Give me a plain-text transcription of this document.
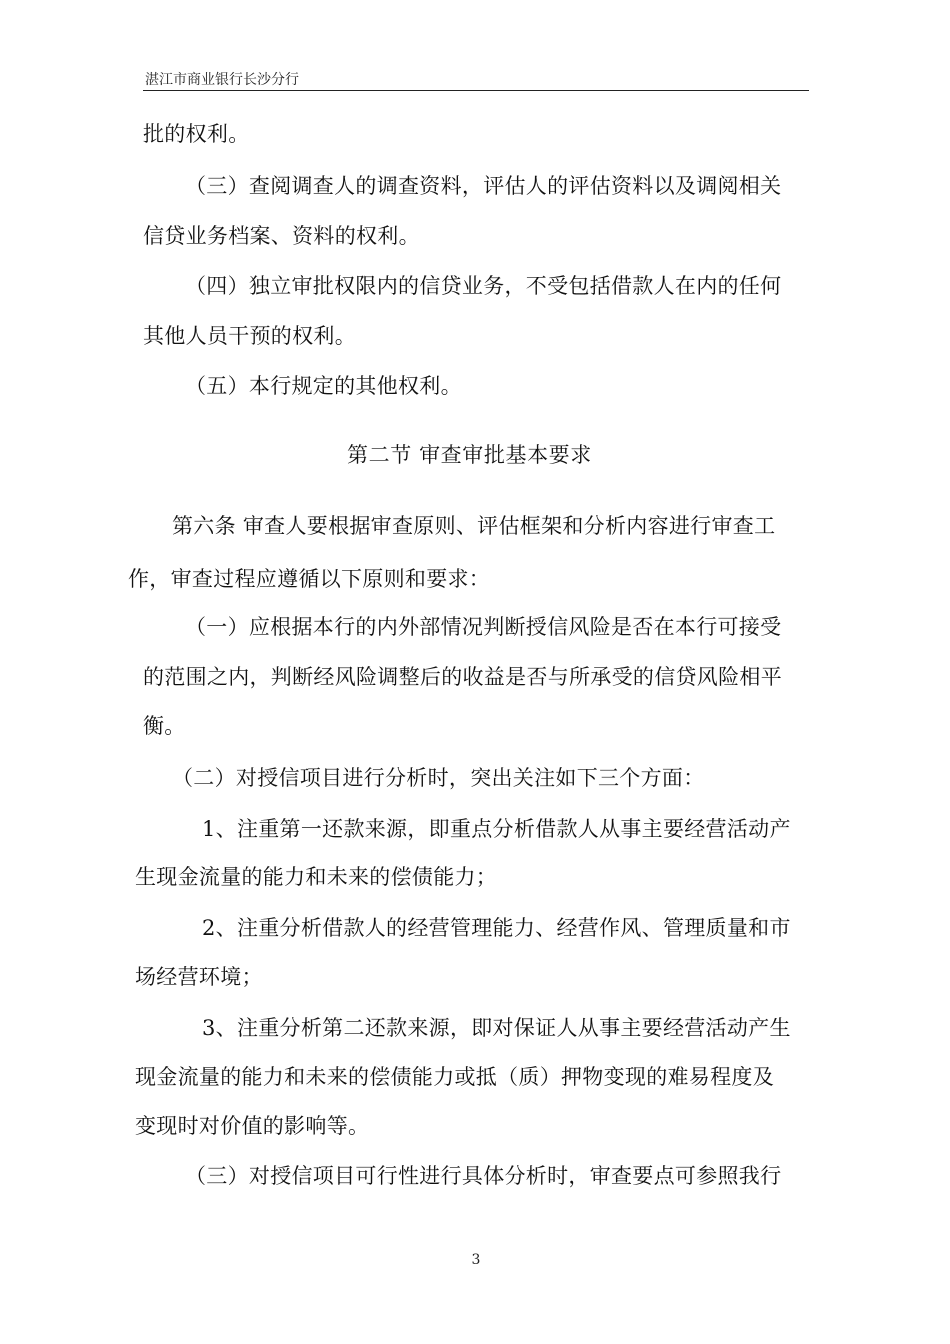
湛江市商业银行长沙分行
批的权利。
（三）查阅调查人的调查资料，评估人的评估资料以及调阅相关
信贷业务档案、资料的权利。
（四）独立审批权限内的信贷业务，不受包括借款人在内的任何
其他人员干预的权利。
（五）本行规定的其他权利。
第二节 审查审批基本要求
第六条 审查人要根据审查原则、评估框架和分析内容进行审查工
作，审查过程应遵循以下原则和要求：
（一）应根据本行的内外部情况判断授信风险是否在本行可接受
的范围之内，判断经风险调整后的收益是否与所承受的信贷风险相平
衡。
（二）对授信项目进行分析时，突出关注如下三个方面：
1、注重第一还款来源，即重点分析借款人从事主要经营活动产
生现金流量的能力和未来的偿债能力；
2、注重分析借款人的经营管理能力、经营作风、管理质量和市
场经营环境；
3、注重分析第二还款来源，即对保证人从事主要经营活动产生
现金流量的能力和未来的偿债能力或抵（质）押物变现的难易程度及
变现时对价值的影响等。
（三）对授信项目可行性进行具体分析时，审查要点可参照我行
3
